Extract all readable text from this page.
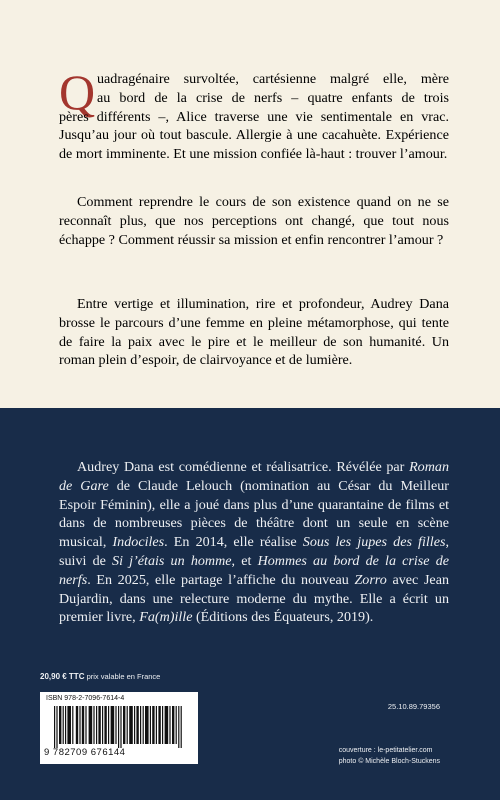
Q uadragénaire survoltée, cartésienne malgré elle, mère
au bord de la crise de nerfs – quatre enfants de trois
pères différents –, Alice traverse une vie sentimentale en vrac.
Jusqu’au jour où tout bascule. Allergie à une cacahuète. Expérience de mort imminente. Et une mission confiée là-haut : trouver l’amour.

Comment reprendre le cours de son existence quand on ne se reconnaît plus, que nos perceptions ont changé, que tout nous échappe ? Comment réussir sa mission et enfin rencontrer l’amour ?

Entre vertige et illumination, rire et profondeur, Audrey Dana brosse le parcours d’une femme en pleine métamorphose, qui tente de faire la paix avec le pire et le meilleur de son humanité. Un roman plein d’espoir, de clairvoyance et de lumière.

Audrey Dana est comédienne et réalisatrice. Révélée par Roman de Gare de Claude Lelouch (nomination au César du Meilleur Espoir Féminin), elle a joué dans plus d’une quarantaine de films et dans de nombreuses pièces de théâtre dont un seule en scène musical, Indociles. En 2014, elle réalise Sous les jupes des filles, suivi de Si j’étais un homme, et Hommes au bord de la crise de nerfs. En 2025, elle partage l’affiche du nouveau Zorro avec Jean Dujardin, dans une relecture moderne du mythe. Elle a écrit un premier livre, Fa(m)ille (Éditions des Équateurs, 2019).

20,90 € TTC prix valable en France
ISBN 978-2-7096-7614-4
9 782709 676144
25.10.89.79356
couverture : le-petitatelier.com
photo © Michèle Bloch-Stuckens
